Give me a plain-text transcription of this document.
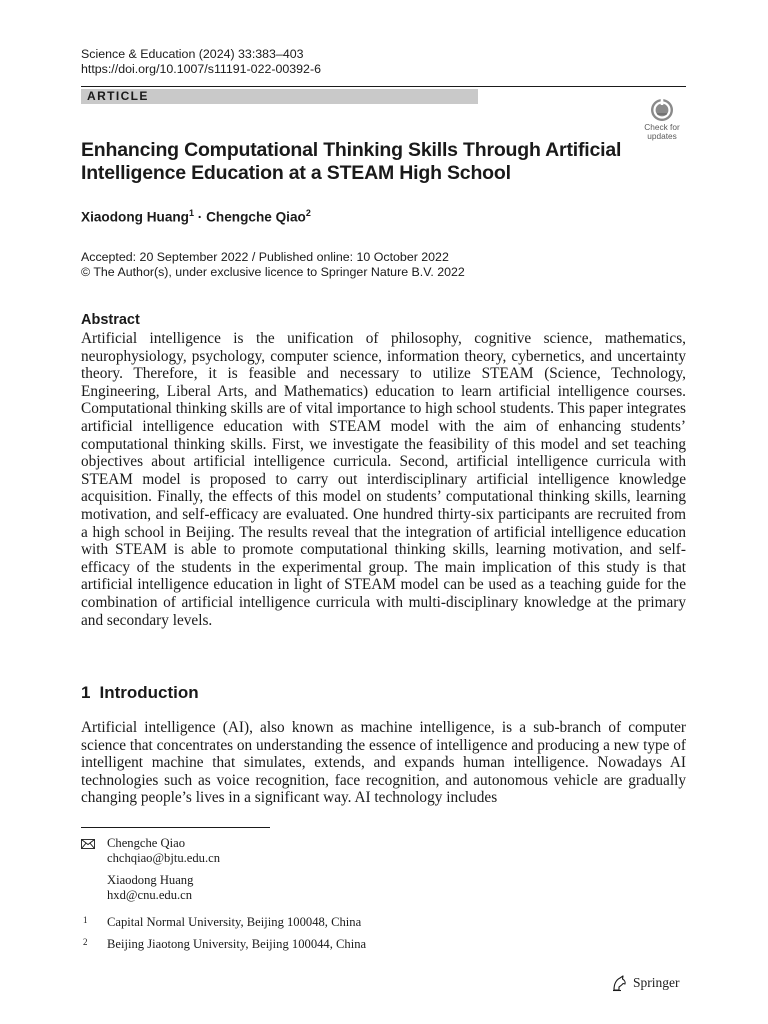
Science & Education (2024) 33:383–403
https://doi.org/10.1007/s11191-022-00392-6
ARTICLE
Check for
updates
Enhancing Computational Thinking Skills Through Artificial Intelligence Education at a STEAM High School
Xiaodong Huang$^1$ · Chengche Qiao$^2$
Accepted: 20 September 2022 / Published online: 10 October 2022
© The Author(s), under exclusive licence to Springer Nature B.V. 2022
Abstract
Artificial intelligence is the unification of philosophy, cognitive science, mathematics, neurophysiology, psychology, computer science, information theory, cybernetics, and uncertainty theory. Therefore, it is feasible and necessary to utilize STEAM (Science, Technology, Engineering, Liberal Arts, and Mathematics) education to learn artificial intelligence courses. Computational thinking skills are of vital importance to high school students. This paper integrates artificial intelligence education with STEAM model with the aim of enhancing students’ computational thinking skills. First, we investigate the feasibility of this model and set teaching objectives about artificial intelligence curricula. Second, artificial intelligence curricula with STEAM model is proposed to carry out interdisciplinary artificial intelligence knowledge acquisition. Finally, the effects of this model on students’ computational thinking skills, learning motivation, and self-efficacy are evaluated. One hundred thirty-six participants are recruited from a high school in Beijing. The results reveal that the integration of artificial intelligence education with STEAM is able to promote computational thinking skills, learning motivation, and self-efficacy of the students in the experimental group. The main implication of this study is that artificial intelligence education in light of STEAM model can be used as a teaching guide for the combination of artificial intelligence curricula with multi-disciplinary knowledge at the primary and secondary levels.
1 Introduction
Artificial intelligence (AI), also known as machine intelligence, is a sub-branch of computer science that concentrates on understanding the essence of intelligence and producing a new type of intelligent machine that simulates, extends, and expands human intelligence. Nowadays AI technologies such as voice recognition, face recognition, and autonomous vehicle are gradually changing people’s lives in a significant way. AI technology includes
Chengche Qiao
chchqiao@bjtu.edu.cn
Xiaodong Huang
hxd@cnu.edu.cn
1 Capital Normal University, Beijing 100048, China
2 Beijing Jiaotong University, Beijing 100044, China
Springer
